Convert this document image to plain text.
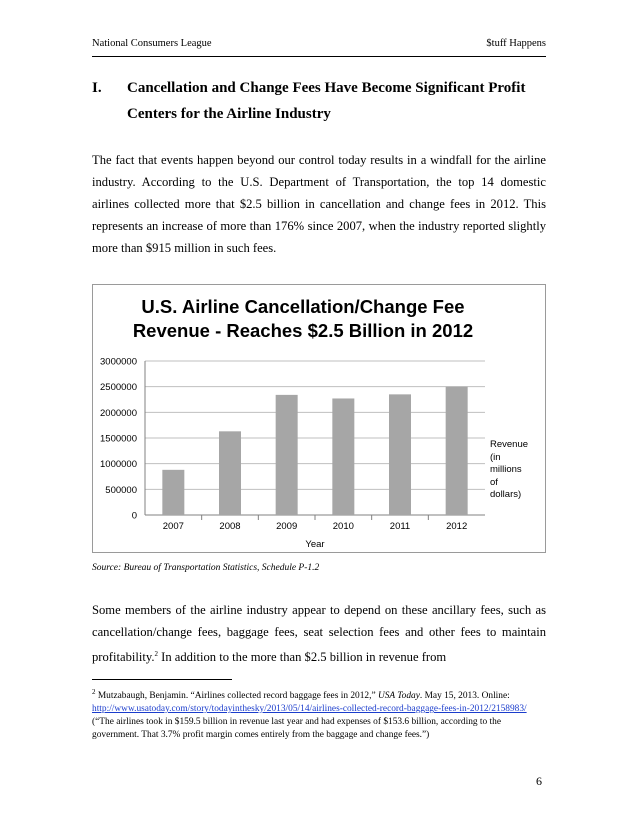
National Consumers League	$tuff Happens
I. Cancellation and Change Fees Have Become Significant Profit
Centers for the Airline Industry
The fact that events happen beyond our control today results in a windfall for the airline industry. According to the U.S. Department of Transportation, the top 14 domestic airlines collected more that $2.5 billion in cancellation and change fees in 2012. This represents an increase of more than 176% since 2007, when the industry reported slightly more than $915 million in such fees.
U.S. Airline Cancellation/Change Fee
Revenue - Reaches $2.5 Billion in 2012
0
500000
1000000
1500000
2000000
2500000
3000000
2007	2008	2009	2010	2011	2012
Year
Revenue
(in
millions
of
dollars)
Source: Bureau of Transportation Statistics, Schedule P-1.2
Some members of the airline industry appear to depend on these ancillary fees, such as cancellation/change fees, baggage fees, seat selection fees and other fees to maintain profitability.$^2$ In addition to the more than $2.5 billion in revenue from
$^2$ Mutzabaugh, Benjamin. “Airlines collected record baggage fees in 2012,” USA Today. May 15, 2013. Online: http://www.usatoday.com/story/todayinthesky/2013/05/14/airlines-collected-record-baggage-fees-in-2012/2158983/ (“The airlines took in $159.5 billion in revenue last year and had expenses of $153.6 billion, according to the government. That 3.7% profit margin comes entirely from the baggage and change fees.”)
6
